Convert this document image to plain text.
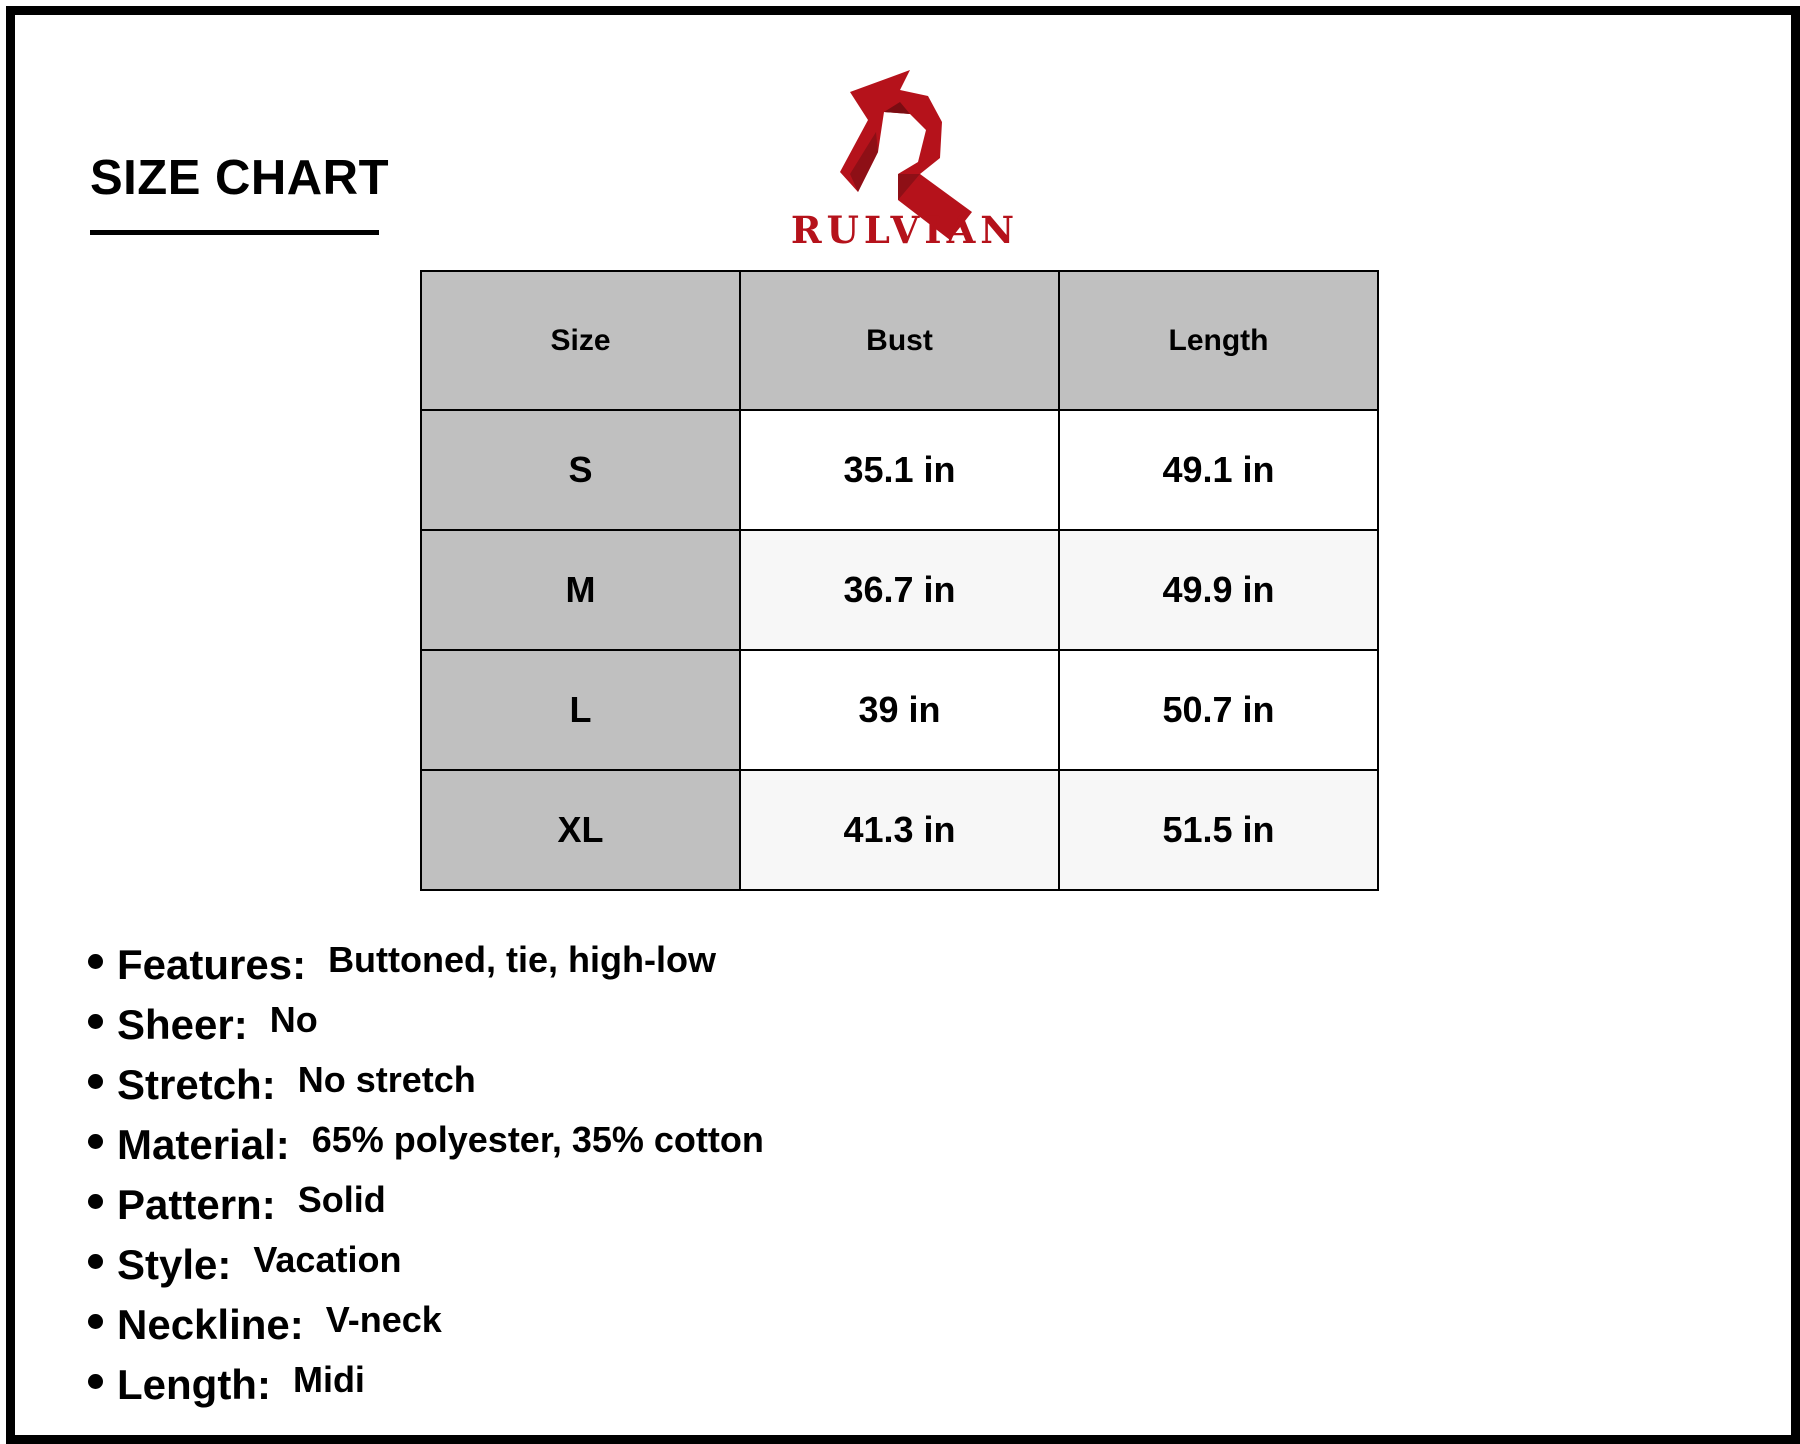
SIZE CHART
RULVIAN
Size	Bust	Length
S	35.1 in	49.1 in
M	36.7 in	49.9 in
L	39 in	50.7 in
XL	41.3 in	51.5 in
Features: Buttoned, tie, high-low
Sheer: No
Stretch: No stretch
Material: 65% polyester, 35% cotton
Pattern: Solid
Style: Vacation
Neckline: V-neck
Length: Midi
